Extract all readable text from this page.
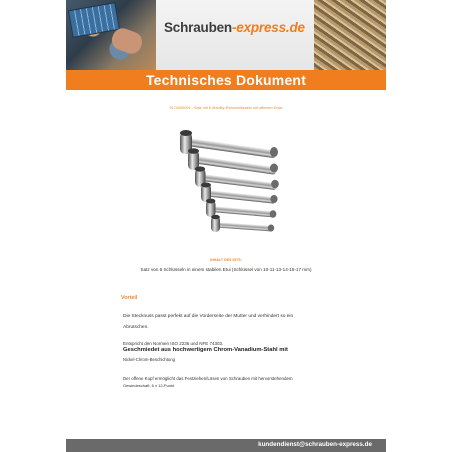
Schrauben-express.de
Technisches Dokument
9174000001 - Satz mit 6 Stanley-Rohrschlüsseln mit offenem Ende
INHALT DES KITS:
Satz von 6 Schlüsseln in einem stabilen Etui (Schlüssel von 10-11-13-14-15-17 mm)
Vorteil
Die Stecknuss passt perfekt auf die Vorderseite der Mutter und verhindert so ein
Abrutschen.
Entspricht den Normen ISO 2236 und NFE 74303.
Geschmiedet aus hochwertigem Chrom-Vanadium-Stahl mit
Nickel-Chrom-Beschichtung
Der offene Kopf ermöglicht das Festziehen/Lösen von Schrauben mit hervorstehendem
Gewindeschaft, 6 x 12-Punkt
kundendienst@schrauben-express.de
